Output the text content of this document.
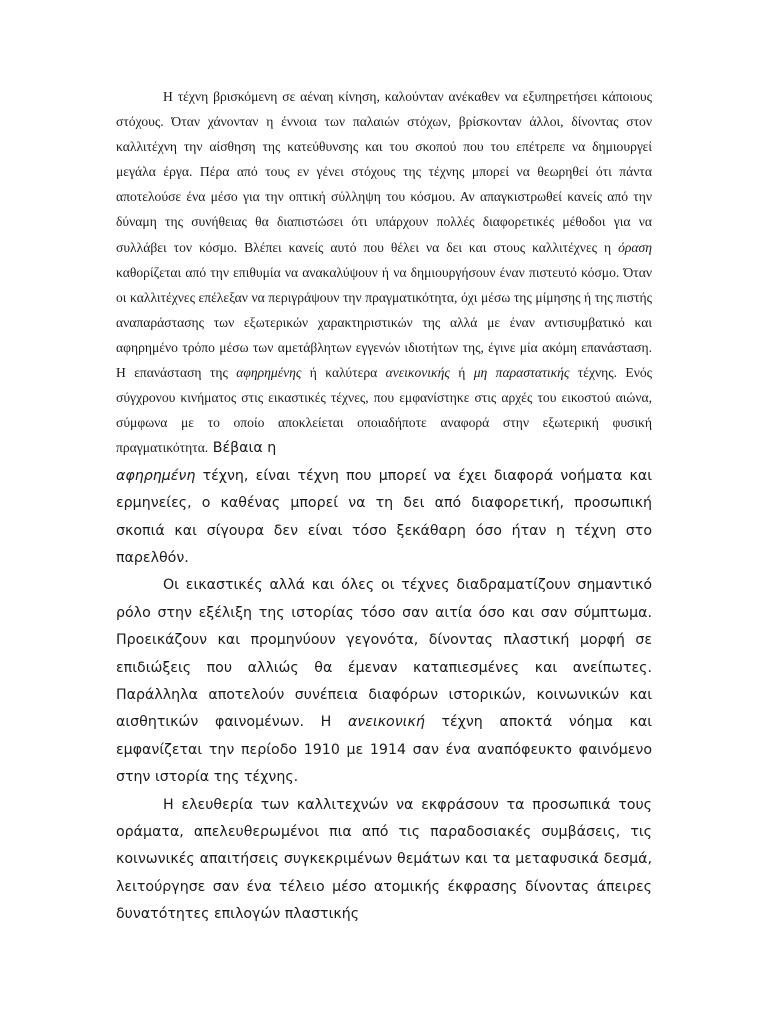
Η τέχνη βρισκόμενη σε αέναη κίνηση, καλούνταν ανέκαθεν να εξυπηρετήσει κάποιους στόχους. Όταν χάνονταν η έννοια των παλαιών στόχων, βρίσκονταν άλλοι, δίνοντας στον καλλιτέχνη την αίσθηση της κατεύθυνσης και του σκοπού που του επέτρεπε να δημιουργεί μεγάλα έργα. Πέρα από τους εν γένει στόχους της τέχνης μπορεί να θεωρηθεί ότι πάντα αποτελούσε ένα μέσο για την οπτική σύλληψη του κόσμου. Αν απαγκιστρωθεί κανείς από την δύναμη της συνήθειας θα διαπιστώσει ότι υπάρχουν πολλές διαφορετικές μέθοδοι για να συλλάβει τον κόσμο. Βλέπει κανείς αυτό που θέλει να δει και στους καλλιτέχνες η όραση καθορίζεται από την επιθυμία να ανακαλύψουν ή να δημιουργήσουν έναν πιστευτό κόσμο. Όταν οι καλλιτέχνες επέλεξαν να περιγράψουν την πραγματικότητα, όχι μέσω της μίμησης ή της πιστής αναπαράστασης των εξωτερικών χαρακτηριστικών της αλλά με έναν αντισυμβατικό και αφηρημένο τρόπο μέσω των αμετάβλητων εγγενών ιδιοτήτων της, έγινε μία ακόμη επανάσταση. Η επανάσταση της αφηρημένης ή καλύτερα ανεικονικής ή μη παραστατικής τέχνης. Ενός σύγχρονου κινήματος στις εικαστικές τέχνες, που εμφανίστηκε στις αρχές του εικοστού αιώνα, σύμφωνα με το οποίο αποκλείεται οποιαδήποτε αναφορά στην εξωτερική φυσική πραγματικότητα. Βέβαια η

αφηρημένη τέχνη, είναι τέχνη που μπορεί να έχει διαφορά νοήματα και ερμηνείες, ο καθένας μπορεί να τη δει από διαφορετική, προσωπική σκοπιά και σίγουρα δεν είναι τόσο ξεκάθαρη όσο ήταν η τέχνη στο παρελθόν.

Οι εικαστικές αλλά και όλες οι τέχνες διαδραματίζουν σημαντικό ρόλο στην εξέλιξη της ιστορίας τόσο σαν αιτία όσο και σαν σύμπτωμα. Προεικάζουν και προμηνύουν γεγονότα, δίνοντας πλαστική μορφή σε επιδιώξεις που αλλιώς θα έμεναν καταπιεσμένες και ανείπωτες. Παράλληλα αποτελούν συνέπεια διαφόρων ιστορικών, κοινωνικών και αισθητικών φαινομένων. Η ανεικονική τέχνη αποκτά νόημα και εμφανίζεται την περίοδο 1910 με 1914 σαν ένα αναπόφευκτο φαινόμενο στην ιστορία της τέχνης.

Η ελευθερία των καλλιτεχνών να εκφράσουν τα προσωπικά τους οράματα, απελευθερωμένοι πια από τις παραδοσιακές συμβάσεις, τις κοινωνικές απαιτήσεις συγκεκριμένων θεμάτων και τα μεταφυσικά δεσμά, λειτούργησε σαν ένα τέλειο μέσο ατομικής έκφρασης δίνοντας άπειρες δυνατότητες επιλογών πλαστικής
